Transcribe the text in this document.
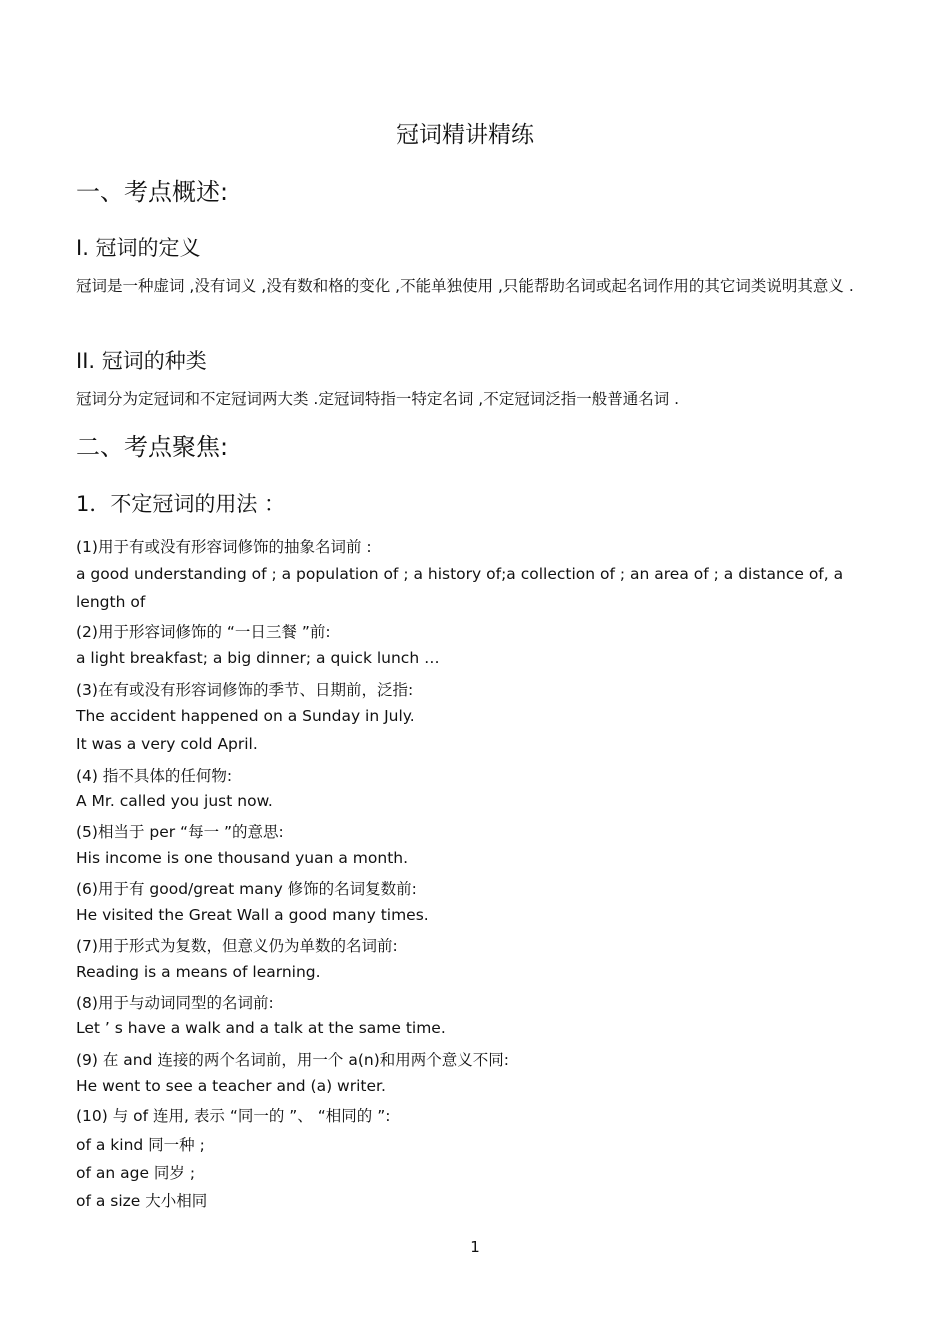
冠词精讲精练
一、考点概述:
I. 冠词的定义
冠词是一种虚词 ,没有词义 ,没有数和格的变化 ,不能单独使用 ,只能帮助名词或起名词作用的其它词类说明其意义 .
II. 冠词的种类
冠词分为定冠词和不定冠词两大类 .定冠词特指一特定名词 ,不定冠词泛指一般普通名词 .
二、考点聚焦:
1．不定冠词的用法 ：
(1)用于有或没有形容词修饰的抽象名词前 :
a good understanding of ; a population of ; a history of;a collection of ; an area of ; a distance of, a
length of
(2)用于形容词修饰的 “一日三餐 ”前:
a light breakfast; a big dinner; a quick lunch …
(3)在有或没有形容词修饰的季节、日期前，泛指:
The accident happened on a Sunday in July.
It was a very cold April.
(4) 指不具体的任何物:
A Mr. called you just now.
(5)相当于 per “每一 ”的意思:
His income is one thousand yuan a month.
(6)用于有 good/great many 修饰的名词复数前:
He visited the Great Wall a good many times.
(7)用于形式为复数，但意义仍为单数的名词前:
Reading is a means of learning.
(8)用于与动词同型的名词前:
Let ’ s have a walk and a talk at the same time.
(9) 在 and 连接的两个名词前，用一个 a(n)和用两个意义不同:
He went to see a teacher and (a) writer.
(10) 与 of 连用, 表示 “同一的 ”、 “相同的 ”:
of a kind 同一种 ;
of an age 同岁 ;
of a size 大小相同
1
